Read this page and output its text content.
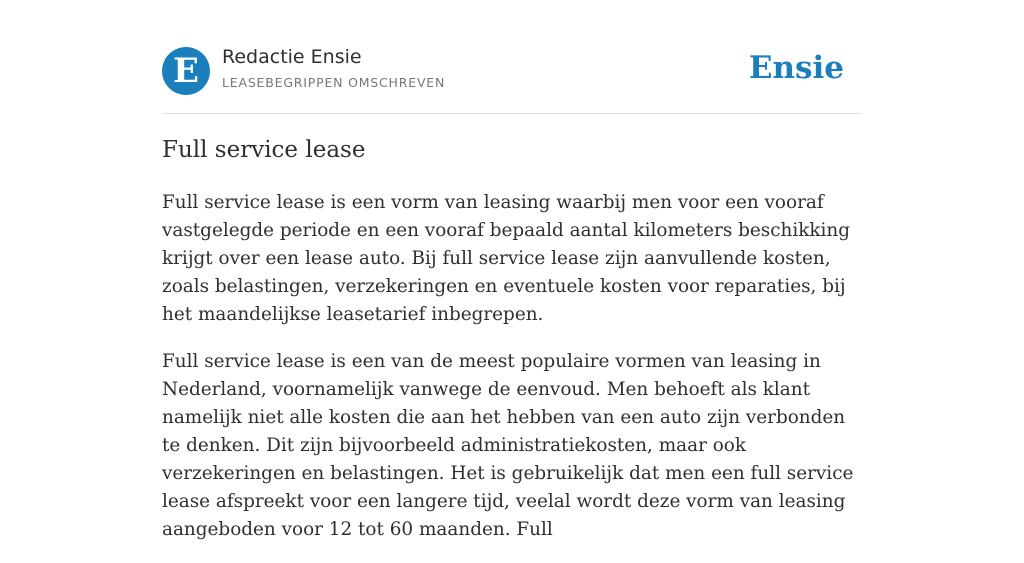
E	Redactie Ensie
LEASEBEGRIPPEN OMSCHREVEN	Ensie
Full service lease

Full service lease is een vorm van leasing waarbij men voor een vooraf vastgelegde periode en een vooraf bepaald aantal kilometers beschikking krijgt over een lease auto. Bij full service lease zijn aanvullende kosten, zoals belastingen, verzekeringen en eventuele kosten voor reparaties, bij het maandelijkse leasetarief inbegrepen.

Full service lease is een van de meest populaire vormen van leasing in Nederland, voornamelijk vanwege de eenvoud. Men behoeft als klant namelijk niet alle kosten die aan het hebben van een auto zijn verbonden te denken. Dit zijn bijvoorbeeld administratiekosten, maar ook verzekeringen en belastingen. Het is gebruikelijk dat men een full service lease afspreekt voor een langere tijd, veelal wordt deze vorm van leasing aangeboden voor 12 tot 60 maanden. Full
